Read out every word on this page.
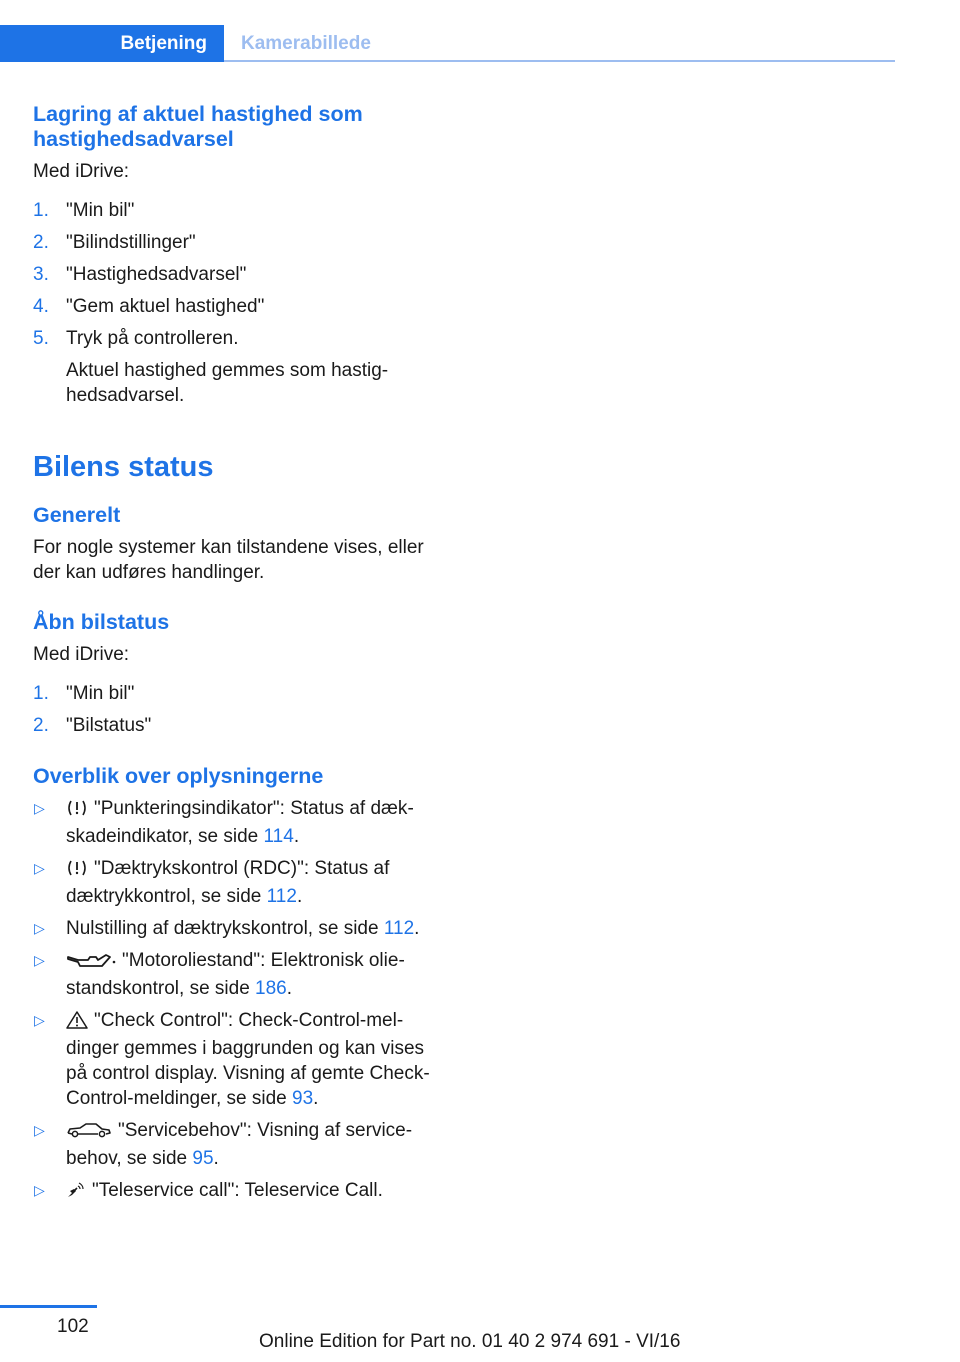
Betjening	Kamerabillede
Lagring af aktuel hastighed som hastighedsadvarsel

Med iDrive:

1. "Min bil"
2. "Bilindstillinger"
3. "Hastighedsadvarsel"
4. "Gem aktuel hastighed"
5. Tryk på controlleren.
Aktuel hastighed gemmes som hastighedsadvarsel.
Bilens status
Generelt

For nogle systemer kan tilstandene vises, eller der kan udføres handlinger.

Åbn bilstatus

Med iDrive:

1. "Min bil"
2. "Bilstatus"
Overblik over oplysningerne
▷	"Punkteringsindikator": Status af dækskadeindikator, se side 114.
▷	"Dæktrykskontrol (RDC)": Status af dæktrykkontrol, se side 112.
▷ Nulstilling af dæktrykskontrol, se side 112.
▷	"Motoroliestand": Elektronisk oliestandskontrol, se side 186.
▷	"Check Control": Check-Control-meldinger gemmes i baggrunden og kan vises på control display. Visning af gemte Check-Control-meldinger, se side 93.
▷	"Servicebehov": Visning af servicebehov, se side 95.
▷ "Teleservice call": Teleservice Call.
102
Online Edition for Part no. 01 40 2 974 691 - VI/16
